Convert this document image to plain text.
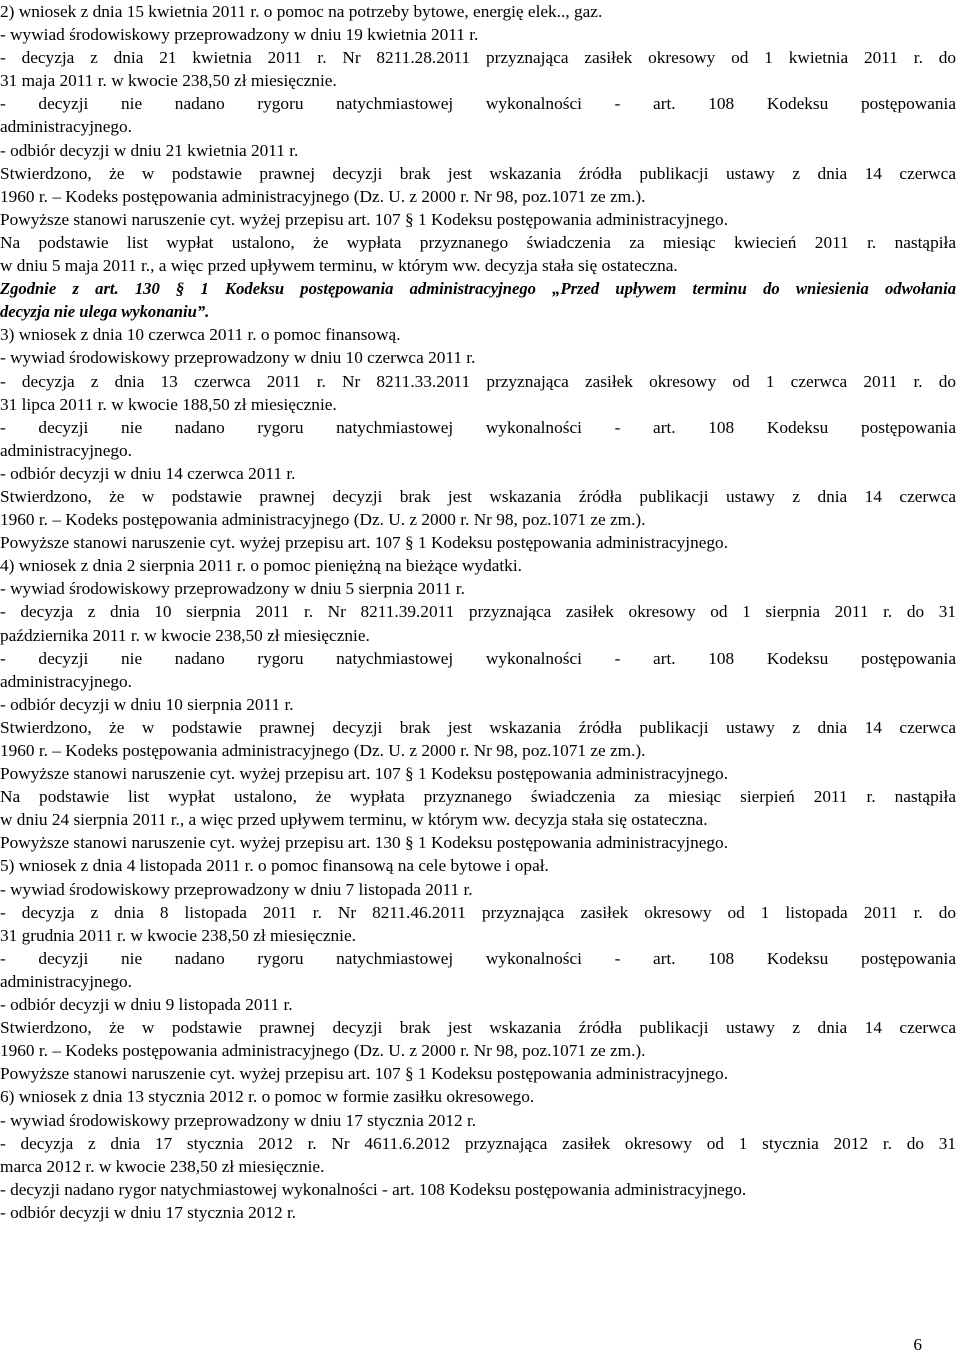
2) wniosek z dnia 15 kwietnia 2011 r. o pomoc na potrzeby bytowe, energię elek.., gaz.
- wywiad środowiskowy przeprowadzony w dniu 19 kwietnia 2011 r.
- decyzja z dnia 21 kwietnia 2011 r. Nr 8211.28.2011 przyznająca zasiłek okresowy od 1 kwietnia 2011 r. do
31 maja 2011 r. w kwocie 238,50 zł miesięcznie.
- decyzji nie nadano rygoru natychmiastowej wykonalności - art. 108 Kodeksu postępowania
administracyjnego.
- odbiór decyzji w dniu 21 kwietnia 2011 r.
Stwierdzono, że w podstawie prawnej decyzji brak jest wskazania źródła publikacji ustawy z dnia 14 czerwca
1960 r. – Kodeks postępowania administracyjnego (Dz. U. z 2000 r. Nr 98, poz.1071 ze zm.).
Powyższe stanowi naruszenie cyt. wyżej przepisu art. 107 § 1 Kodeksu postępowania administracyjnego.
Na podstawie list wypłat ustalono, że wypłata przyznanego świadczenia za miesiąc kwiecień 2011 r. nastąpiła
w dniu 5 maja 2011 r., a więc przed upływem terminu, w którym ww. decyzja stała się ostateczna.
Zgodnie z art. 130 § 1 Kodeksu postępowania administracyjnego „Przed upływem terminu do wniesienia odwołania
decyzja nie ulega wykonaniu”.
3) wniosek z dnia 10 czerwca 2011 r. o pomoc finansową.
- wywiad środowiskowy przeprowadzony w dniu 10 czerwca 2011 r.
- decyzja z dnia 13 czerwca 2011 r. Nr 8211.33.2011 przyznająca zasiłek okresowy od 1 czerwca 2011 r. do
31 lipca 2011 r. w kwocie 188,50 zł miesięcznie.
- decyzji nie nadano rygoru natychmiastowej wykonalności - art. 108 Kodeksu postępowania
administracyjnego.
- odbiór decyzji w dniu 14 czerwca 2011 r.
Stwierdzono, że w podstawie prawnej decyzji brak jest wskazania źródła publikacji ustawy z dnia 14 czerwca
1960 r. – Kodeks postępowania administracyjnego (Dz. U. z 2000 r. Nr 98, poz.1071 ze zm.).
Powyższe stanowi naruszenie cyt. wyżej przepisu art. 107 § 1 Kodeksu postępowania administracyjnego.
4) wniosek z dnia 2 sierpnia 2011 r. o pomoc pieniężną na bieżące wydatki.
- wywiad środowiskowy przeprowadzony w dniu 5 sierpnia 2011 r.
- decyzja z dnia 10 sierpnia 2011 r. Nr 8211.39.2011 przyznająca zasiłek okresowy od 1 sierpnia 2011 r. do 31
października 2011 r. w kwocie 238,50 zł miesięcznie.
- decyzji nie nadano rygoru natychmiastowej wykonalności - art. 108 Kodeksu postępowania
administracyjnego.
- odbiór decyzji w dniu 10 sierpnia 2011 r.
Stwierdzono, że w podstawie prawnej decyzji brak jest wskazania źródła publikacji ustawy z dnia 14 czerwca
1960 r. – Kodeks postępowania administracyjnego (Dz. U. z 2000 r. Nr 98, poz.1071 ze zm.).
Powyższe stanowi naruszenie cyt. wyżej przepisu art. 107 § 1 Kodeksu postępowania administracyjnego.
Na podstawie list wypłat ustalono, że wypłata przyznanego świadczenia za miesiąc sierpień 2011 r. nastąpiła
w dniu 24 sierpnia 2011 r., a więc przed upływem terminu, w którym ww. decyzja stała się ostateczna.
Powyższe stanowi naruszenie cyt. wyżej przepisu art. 130 § 1 Kodeksu postępowania administracyjnego.
5) wniosek z dnia 4 listopada 2011 r. o pomoc finansową na cele bytowe i opał.
- wywiad środowiskowy przeprowadzony w dniu 7 listopada 2011 r.
- decyzja z dnia 8 listopada 2011 r. Nr 8211.46.2011 przyznająca zasiłek okresowy od 1 listopada 2011 r. do
31 grudnia 2011 r. w kwocie 238,50 zł miesięcznie.
- decyzji nie nadano rygoru natychmiastowej wykonalności - art. 108 Kodeksu postępowania
administracyjnego.
- odbiór decyzji w dniu 9 listopada 2011 r.
Stwierdzono, że w podstawie prawnej decyzji brak jest wskazania źródła publikacji ustawy z dnia 14 czerwca
1960 r. – Kodeks postępowania administracyjnego (Dz. U. z 2000 r. Nr 98, poz.1071 ze zm.).
Powyższe stanowi naruszenie cyt. wyżej przepisu art. 107 § 1 Kodeksu postępowania administracyjnego.
6) wniosek z dnia 13 stycznia 2012 r. o pomoc w formie zasiłku okresowego.
- wywiad środowiskowy przeprowadzony w dniu 17 stycznia 2012 r.
- decyzja z dnia 17 stycznia 2012 r. Nr 4611.6.2012 przyznająca zasiłek okresowy od 1 stycznia 2012 r. do 31
marca 2012 r. w kwocie 238,50 zł miesięcznie.
- decyzji nadano rygor natychmiastowej wykonalności - art. 108 Kodeksu postępowania administracyjnego.
- odbiór decyzji w dniu 17 stycznia 2012 r.
6
